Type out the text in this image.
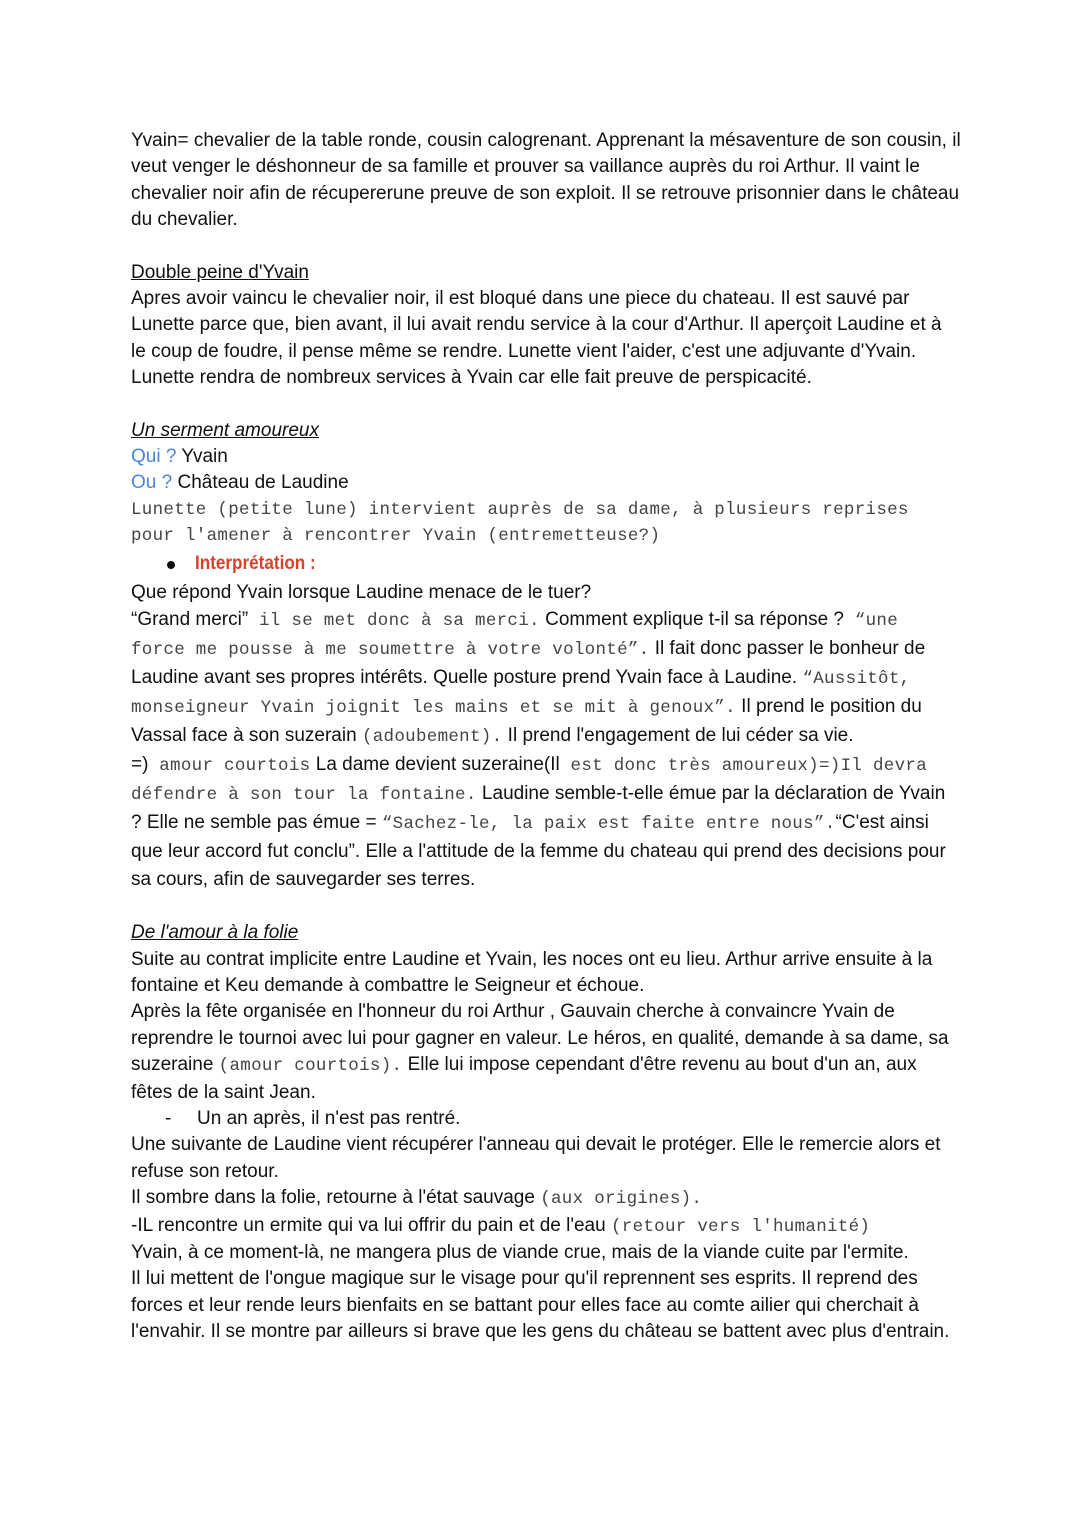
Yvain= chevalier de la table ronde, cousin calogrenant. Apprenant la mésaventure de son cousin, il veut venger le déshonneur de sa famille et prouver sa vaillance auprès du roi Arthur. Il vaint le chevalier noir afin de récupererune preuve de son exploit. Il se retrouve prisonnier dans le château du chevalier.

Double peine d'Yvain

Apres avoir vaincu le chevalier noir, il est bloqué dans une piece du chateau. Il est sauvé par Lunette parce que, bien avant, il lui avait rendu service à la cour d'Arthur. Il aperçoit Laudine et à le coup de foudre, il pense même se rendre. Lunette vient l'aider, c'est une adjuvante d'Yvain. Lunette rendra de nombreux services à Yvain car elle fait preuve de perspicacité.

Un serment amoureux

Qui ? Yvain

Ou ? Château de Laudine

Lunette (petite lune) intervient auprès de sa dame, à plusieurs reprises pour l'amener à rencontrer Yvain (entremetteuse?)

Interprétation :

Que répond Yvain lorsque Laudine menace de le tuer?

“Grand merci” il se met donc à sa merci. Comment explique t-il sa réponse ? “une force me pousse à me soumettre à votre volonté”. Il fait donc passer le bonheur de Laudine avant ses propres intérêts. Quelle posture prend Yvain face à Laudine. “Aussitôt, monseigneur Yvain joignit les mains et se mit à genoux”. Il prend le position du Vassal face à son suzerain (adoubement). Il prend l'engagement de lui céder sa vie.

=) amour courtois La dame devient suzeraine(Il est donc très amoureux)=)Il devra défendre à son tour la fontaine. Laudine semble-t-elle émue par la déclaration de Yvain ? Elle ne semble pas émue = “Sachez-le, la paix est faite entre nous”.“C'est ainsi que leur accord fut conclu”. Elle a l'attitude de la femme du chateau qui prend des decisions pour sa cours, afin de sauvegarder ses terres.

De l'amour à la folie

Suite au contrat implicite entre Laudine et Yvain, les noces ont eu lieu. Arthur arrive ensuite à la fontaine et Keu demande à combattre le Seigneur et échoue.

Après la fête organisée en l'honneur du roi Arthur , Gauvain cherche à convaincre Yvain de reprendre le tournoi avec lui pour gagner en valeur. Le héros, en qualité, demande à sa dame, sa suzeraine (amour courtois). Elle lui impose cependant d'être revenu au bout d'un an, aux fêtes de la saint Jean.

- Un an après, il n'est pas rentré.

Une suivante de Laudine vient récupérer l'anneau qui devait le protéger. Elle le remercie alors et refuse son retour.

Il sombre dans la folie, retourne à l'état sauvage (aux origines).

-IL rencontre un ermite qui va lui offrir du pain et de l'eau (retour vers l'humanité)

Yvain, à ce moment-là, ne mangera plus de viande crue, mais de la viande cuite par l'ermite.

Il lui mettent de l'ongue magique sur le visage pour qu'il reprennent ses esprits. Il reprend des forces et leur rende leurs bienfaits en se battant pour elles face au comte ailier qui cherchait à l'envahir. Il se montre par ailleurs si brave que les gens du château se battent avec plus d'entrain.
